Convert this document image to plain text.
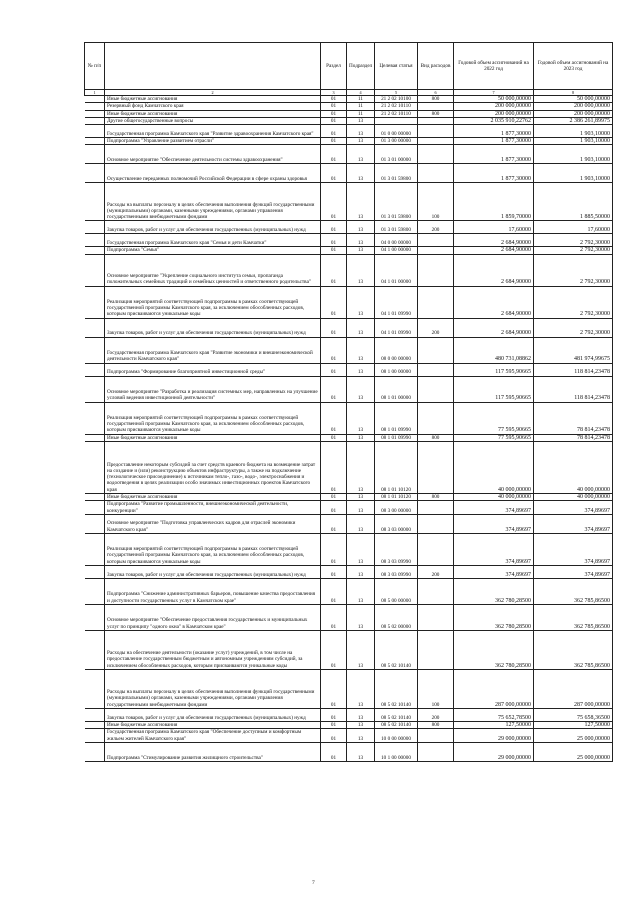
№ п/п		Раздел	Подраздел	Целевая статья	Вид расходов	Годовой объем ассигнований на 2022 год	Годовой объем ассигнований на 2023 год
1	2	3	4	5	6	7	8
	Иные бюджетные ассигнования	01	11	21 2 02 10100	800	50 000,00000	50 000,00000
	Резервный фонд Камчатского края	01	11	21 2 02 10110		200 000,00000	200 000,00000
	Иные бюджетные ассигнования	01	11	21 2 02 10110	800	200 000,00000	200 000,00000
	Другие общегосударственные вопросы	01	13			2 035 910,22762	2 386 261,89975
	Государственная программа Камчатского края "Развитие здравоохранения Камчатского края"	01	13	01 0 00 00000		1 877,30000	1 903,10000
	Подпрограмма "Управление развитием отрасли"	01	13	01 3 00 00000		1 877,30000	1 903,10000
	Основное мероприятие "Обеспечение деятельности системы здравоохранения"	01	13	01 3 01 00000		1 877,30000	1 903,10000
	Осуществление переданных полномочий Российской Федерации в сфере охраны здоровья	01	13	01 3 01 59800		1 877,30000	1 903,10000
	Расходы на выплаты персоналу в целях обеспечения выполнения функций государственными (муниципальными) органами, казенными учреждениями, органами управления государственными внебюджетными фондами	01	13	01 3 01 59800	100	1 859,70000	1 885,50000
	Закупка товаров, работ и услуг для обеспечения государственных (муниципальных) нужд	01	13	01 3 01 59800	200	17,60000	17,60000
	Государственная программа Камчатского края "Семья и дети Камчатки"	01	13	04 0 00 00000		2 684,90000	2 792,30000
	Подпрограмма "Семья"	01	13	04 1 00 00000		2 684,90000	2 792,30000
	Основное мероприятие "Укрепление социального института семьи, пропаганда положительных семейных традиций и семейных ценностей и ответственного родительства"	01	13	04 1 01 00000		2 684,90000	2 792,30000
	Реализация мероприятий соответствующей подпрограммы в рамках соответствующей государственной программы Камчатского края, за исключением обособленных расходов, которым присваиваются уникальные коды	01	13	04 1 01 09990		2 684,90000	2 792,30000
	Закупка товаров, работ и услуг для обеспечения государственных (муниципальных) нужд	01	13	04 1 01 09990	200	2 684,90000	2 792,30000
	Государственная программа Камчатского края "Развитие экономики и внешнеэкономической деятельности Камчатского края"	01	13	08 0 00 00000		480 731,08862	481 974,99675
	Подпрограмма "Формирование благоприятной инвестиционной среды"	01	13	08 1 00 00000		117 595,90665	118 814,23478
	Основное мероприятие "Разработка и реализация системных мер, направленных на улучшение условий ведения инвестиционной деятельности"	01	13	08 1 01 00000		117 595,90665	118 814,23478
	Реализация мероприятий соответствующей подпрограммы в рамках соответствующей государственной программы Камчатского края, за исключением обособленных расходов, которым присваиваются уникальные коды	01	13	08 1 01 09990		77 595,90665	78 814,23478
	Иные бюджетные ассигнования	01	13	08 1 01 09990	800	77 595,90665	78 814,23478
	Предоставление некоторым субсидий за счет средств краевого бюджета на возмещение затрат на создание и (или) реконструкцию объектов инфраструктуры, а также на подключение (технологическое присоединение) к источникам тепло-, газо-, водо-, электроснабжения и водоотведения в целях реализации особо значимых инвестиционных проектов Камчатского края	01	13	08 1 01 10120		40 000,00000	40 000,00000
	Иные бюджетные ассигнования	01	13	08 1 01 10120	800	40 000,00000	40 000,00000
	Подпрограмма "Развитие промышленности, внешнеэкономической деятельности, конкуренции"	01	13	08 3 00 00000		374,89697	374,89697
	Основное мероприятие "Подготовка управленческих кадров для отраслей экономики Камчатского края"	01	13	08 3 03 00000		374,89697	374,89697
	Реализация мероприятий соответствующей подпрограммы в рамках соответствующей государственной программы Камчатского края, за исключением обособленных расходов, которым присваиваются уникальные коды	01	13	08 3 03 09990		374,89697	374,89697
	Закупка товаров, работ и услуг для обеспечения государственных (муниципальных) нужд	01	13	08 3 03 09990	200	374,89697	374,89697
	Подпрограмма "Снижение административных барьеров, повышение качества предоставления и доступности государственных услуг в Камчатском крае"	01	13	08 5 00 00000		362 780,28500	362 785,86500
	Основное мероприятие "Обеспечение предоставления государственных и муниципальных услуг по принципу "одного окна" в Камчатском крае"	01	13	08 5 02 00000		362 780,28500	362 785,86500
	Расходы на обеспечение деятельности (оказание услуг) учреждений, в том числе на предоставление государственным бюджетным и автономным учреждениям субсидий, за исключением обособленных расходов, которым присваиваются уникальные коды	01	13	08 5 02 10140		362 780,28500	362 785,86500
	Расходы на выплаты персоналу в целях обеспечения выполнения функций государственными (муниципальными) органами, казенными учреждениями, органами управления государственными внебюджетными фондами	01	13	08 5 02 10140	100	287 000,00000	287 000,00000
	Закупка товаров, работ и услуг для обеспечения государственных (муниципальных) нужд	01	13	08 5 02 10140	200	75 652,78500	75 658,36500
	Иные бюджетные ассигнования	01	13	08 5 02 10140	800	127,50000	127,50000
	Государственная программа Камчатского края "Обеспечение доступным и комфортным жильем жителей Камчатского края"	01	13	10 0 00 00000		29 000,00000	25 000,00000
	Подпрограмма "Стимулирование развития жилищного строительства"	01	13	10 1 00 00000		29 000,00000	25 000,00000
7
